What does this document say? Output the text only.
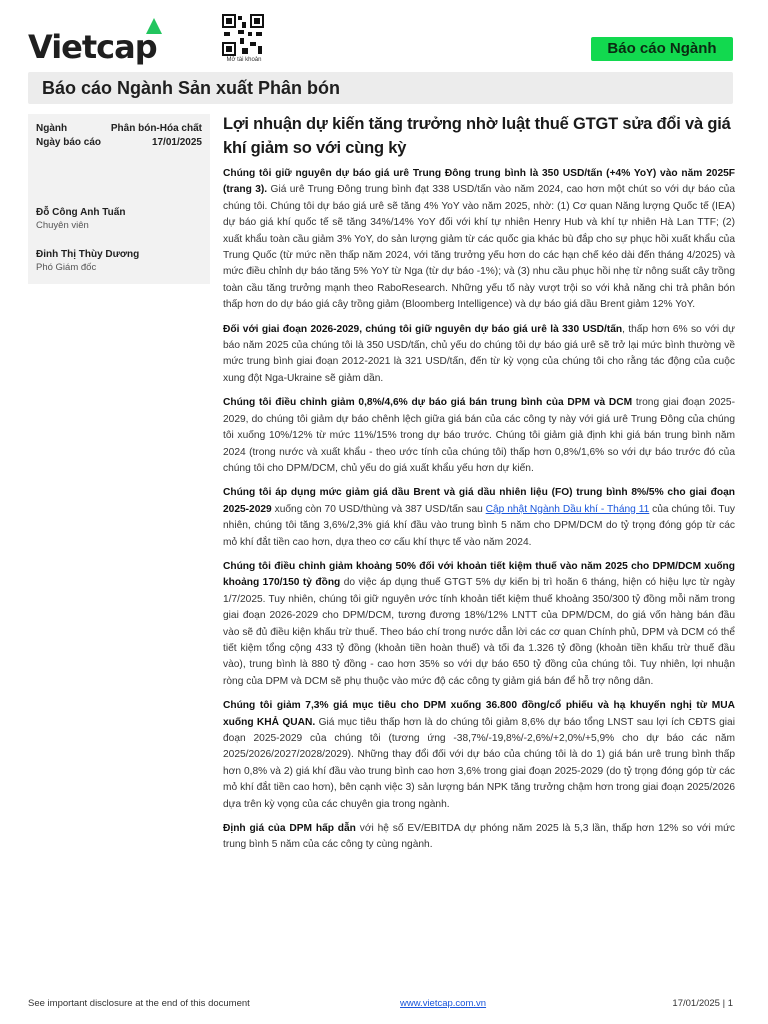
Vietcap	Mở tài khoản
Báo cáo Ngành
Báo cáo Ngành Sản xuất Phân bón
Ngành	Phân bón-Hóa chất
Ngày báo cáo	17/01/2025
Đỗ Công Anh Tuấn
Chuyên viên
Đinh Thị Thùy Dương
Phó Giám đốc
Lợi nhuận dự kiến tăng trưởng nhờ luật thuế GTGT sửa đổi và giá khí giảm so với cùng kỳ

Chúng tôi giữ nguyên dự báo giá urê Trung Đông trung bình là 350 USD/tấn (+4% YoY) vào năm 2025F (trang 3). Giá urê Trung Đông trung bình đạt 338 USD/tấn vào năm 2024, cao hơn một chút so với dự báo của chúng tôi. Chúng tôi dự báo giá urê sẽ tăng 4% YoY vào năm 2025, nhờ: (1) Cơ quan Năng lượng Quốc tế (IEA) dự báo giá khí quốc tế sẽ tăng 34%/14% YoY đối với khí tự nhiên Henry Hub và khí tự nhiên Hà Lan TTF; (2) xuất khẩu toàn cầu giảm 3% YoY, do sản lượng giảm từ các quốc gia khác bù đắp cho sự phục hồi xuất khẩu của Trung Quốc (từ mức nền thấp năm 2024, với tăng trưởng yếu hơn do các hạn chế kéo dài đến tháng 4/2025) và mức điều chỉnh dự báo tăng 5% YoY từ Nga (từ dự báo -1%); và (3) nhu cầu phục hồi nhẹ từ nông suất cây trồng toàn cầu tăng trưởng mạnh theo RaboResearch. Những yếu tố này vượt trội so với khả năng chi trả phân bón thấp hơn do dự báo giá cây trồng giảm (Bloomberg Intelligence) và dự báo giá dầu Brent giảm 12% YoY.

Đối với giai đoạn 2026-2029, chúng tôi giữ nguyên dự báo giá urê là 330 USD/tấn, thấp hơn 6% so với dự báo năm 2025 của chúng tôi là 350 USD/tấn, chủ yếu do chúng tôi dự báo giá urê sẽ trở lại mức bình thường về mức trung bình giai đoạn 2012-2021 là 321 USD/tấn, đến từ kỳ vọng của chúng tôi cho rằng tác động của cuộc xung đột Nga-Ukraine sẽ giảm dần.

Chúng tôi điều chỉnh giảm 0,8%/4,6% dự báo giá bán trung bình của DPM và DCM trong giai đoạn 2025-2029, do chúng tôi giảm dự báo chênh lệch giữa giá bán của các công ty này với giá urê Trung Đông của chúng tôi xuống 10%/12% từ mức 11%/15% trong dự báo trước. Chúng tôi giảm giả định khi giá bán trung bình năm 2024 (trong nước và xuất khẩu - theo ước tính của chúng tôi) thấp hơn 0,8%/1,6% so với dự báo trước đó của chúng tôi cho DPM/DCM, chủ yếu do giá xuất khẩu yếu hơn dự kiến.

Chúng tôi áp dụng mức giảm giá dầu Brent và giá dầu nhiên liệu (FO) trung bình 8%/5% cho giai đoạn 2025-2029 xuống còn 70 USD/thùng và 387 USD/tấn sau Cập nhật Ngành Dầu khí - Tháng 11 của chúng tôi. Tuy nhiên, chúng tôi tăng 3,6%/2,3% giá khí đầu vào trung bình 5 năm cho DPM/DCM do tỷ trọng đóng góp từ các mỏ khí đắt tiền cao hơn, dựa theo cơ cấu khí thực tế vào năm 2024.

Chúng tôi điều chỉnh giảm khoảng 50% đối với khoản tiết kiệm thuế vào năm 2025 cho DPM/DCM xuống khoảng 170/150 tỷ đồng do việc áp dụng thuế GTGT 5% dự kiến bị trì hoãn 6 tháng, hiện có hiệu lực từ ngày 1/7/2025. Tuy nhiên, chúng tôi giữ nguyên ước tính khoản tiết kiệm thuế khoảng 350/300 tỷ đồng mỗi năm trong giai đoạn 2026-2029 cho DPM/DCM, tương đương 18%/12% LNTT của DPM/DCM, do giá vốn hàng bán đầu vào sẽ đủ điều kiện khấu trừ thuế. Theo báo chí trong nước dẫn lời các cơ quan Chính phủ, DPM và DCM có thể tiết kiệm tổng cộng 433 tỷ đồng (khoản tiền hoàn thuế) và tối đa 1.326 tỷ đồng (khoản tiền khấu trừ thuế đầu vào), trung bình là 880 tỷ đồng - cao hơn 35% so với dự báo 650 tỷ đồng của chúng tôi. Tuy nhiên, lợi nhuận ròng của DPM và DCM sẽ phụ thuộc vào mức độ các công ty giảm giá bán để hỗ trợ nông dân.

Chúng tôi giảm 7,3% giá mục tiêu cho DPM xuống 36.800 đồng/cổ phiếu và hạ khuyến nghị từ MUA xuống KHẢ QUAN. Giá mục tiêu thấp hơn là do chúng tôi giảm 8,6% dự báo tổng LNST sau lợi ích CĐTS giai đoạn 2025-2029 của chúng tôi (tương ứng -38,7%/-19,8%/-2,6%/+2,0%/+5,9% cho dự báo các năm 2025/2026/2027/2028/2029). Những thay đổi đối với dự báo của chúng tôi là do 1) giá bán urê trung bình thấp hơn 0,8% và 2) giá khí đầu vào trung bình cao hơn 3,6% trong giai đoạn 2025-2029 (do tỷ trọng đóng góp từ các mỏ khí đắt tiền cao hơn), bên cạnh việc 3) sản lượng bán NPK tăng trưởng chậm hơn trong giai đoạn 2025/2026 dựa trên kỳ vọng của các chuyên gia trong ngành.

Định giá của DPM hấp dẫn với hệ số EV/EBITDA dự phóng năm 2025 là 5,3 lần, thấp hơn 12% so với mức trung bình 5 năm của các công ty cùng ngành.

See important disclosure at the end of this document	www.vietcap.com.vn	17/01/2025 | 1
